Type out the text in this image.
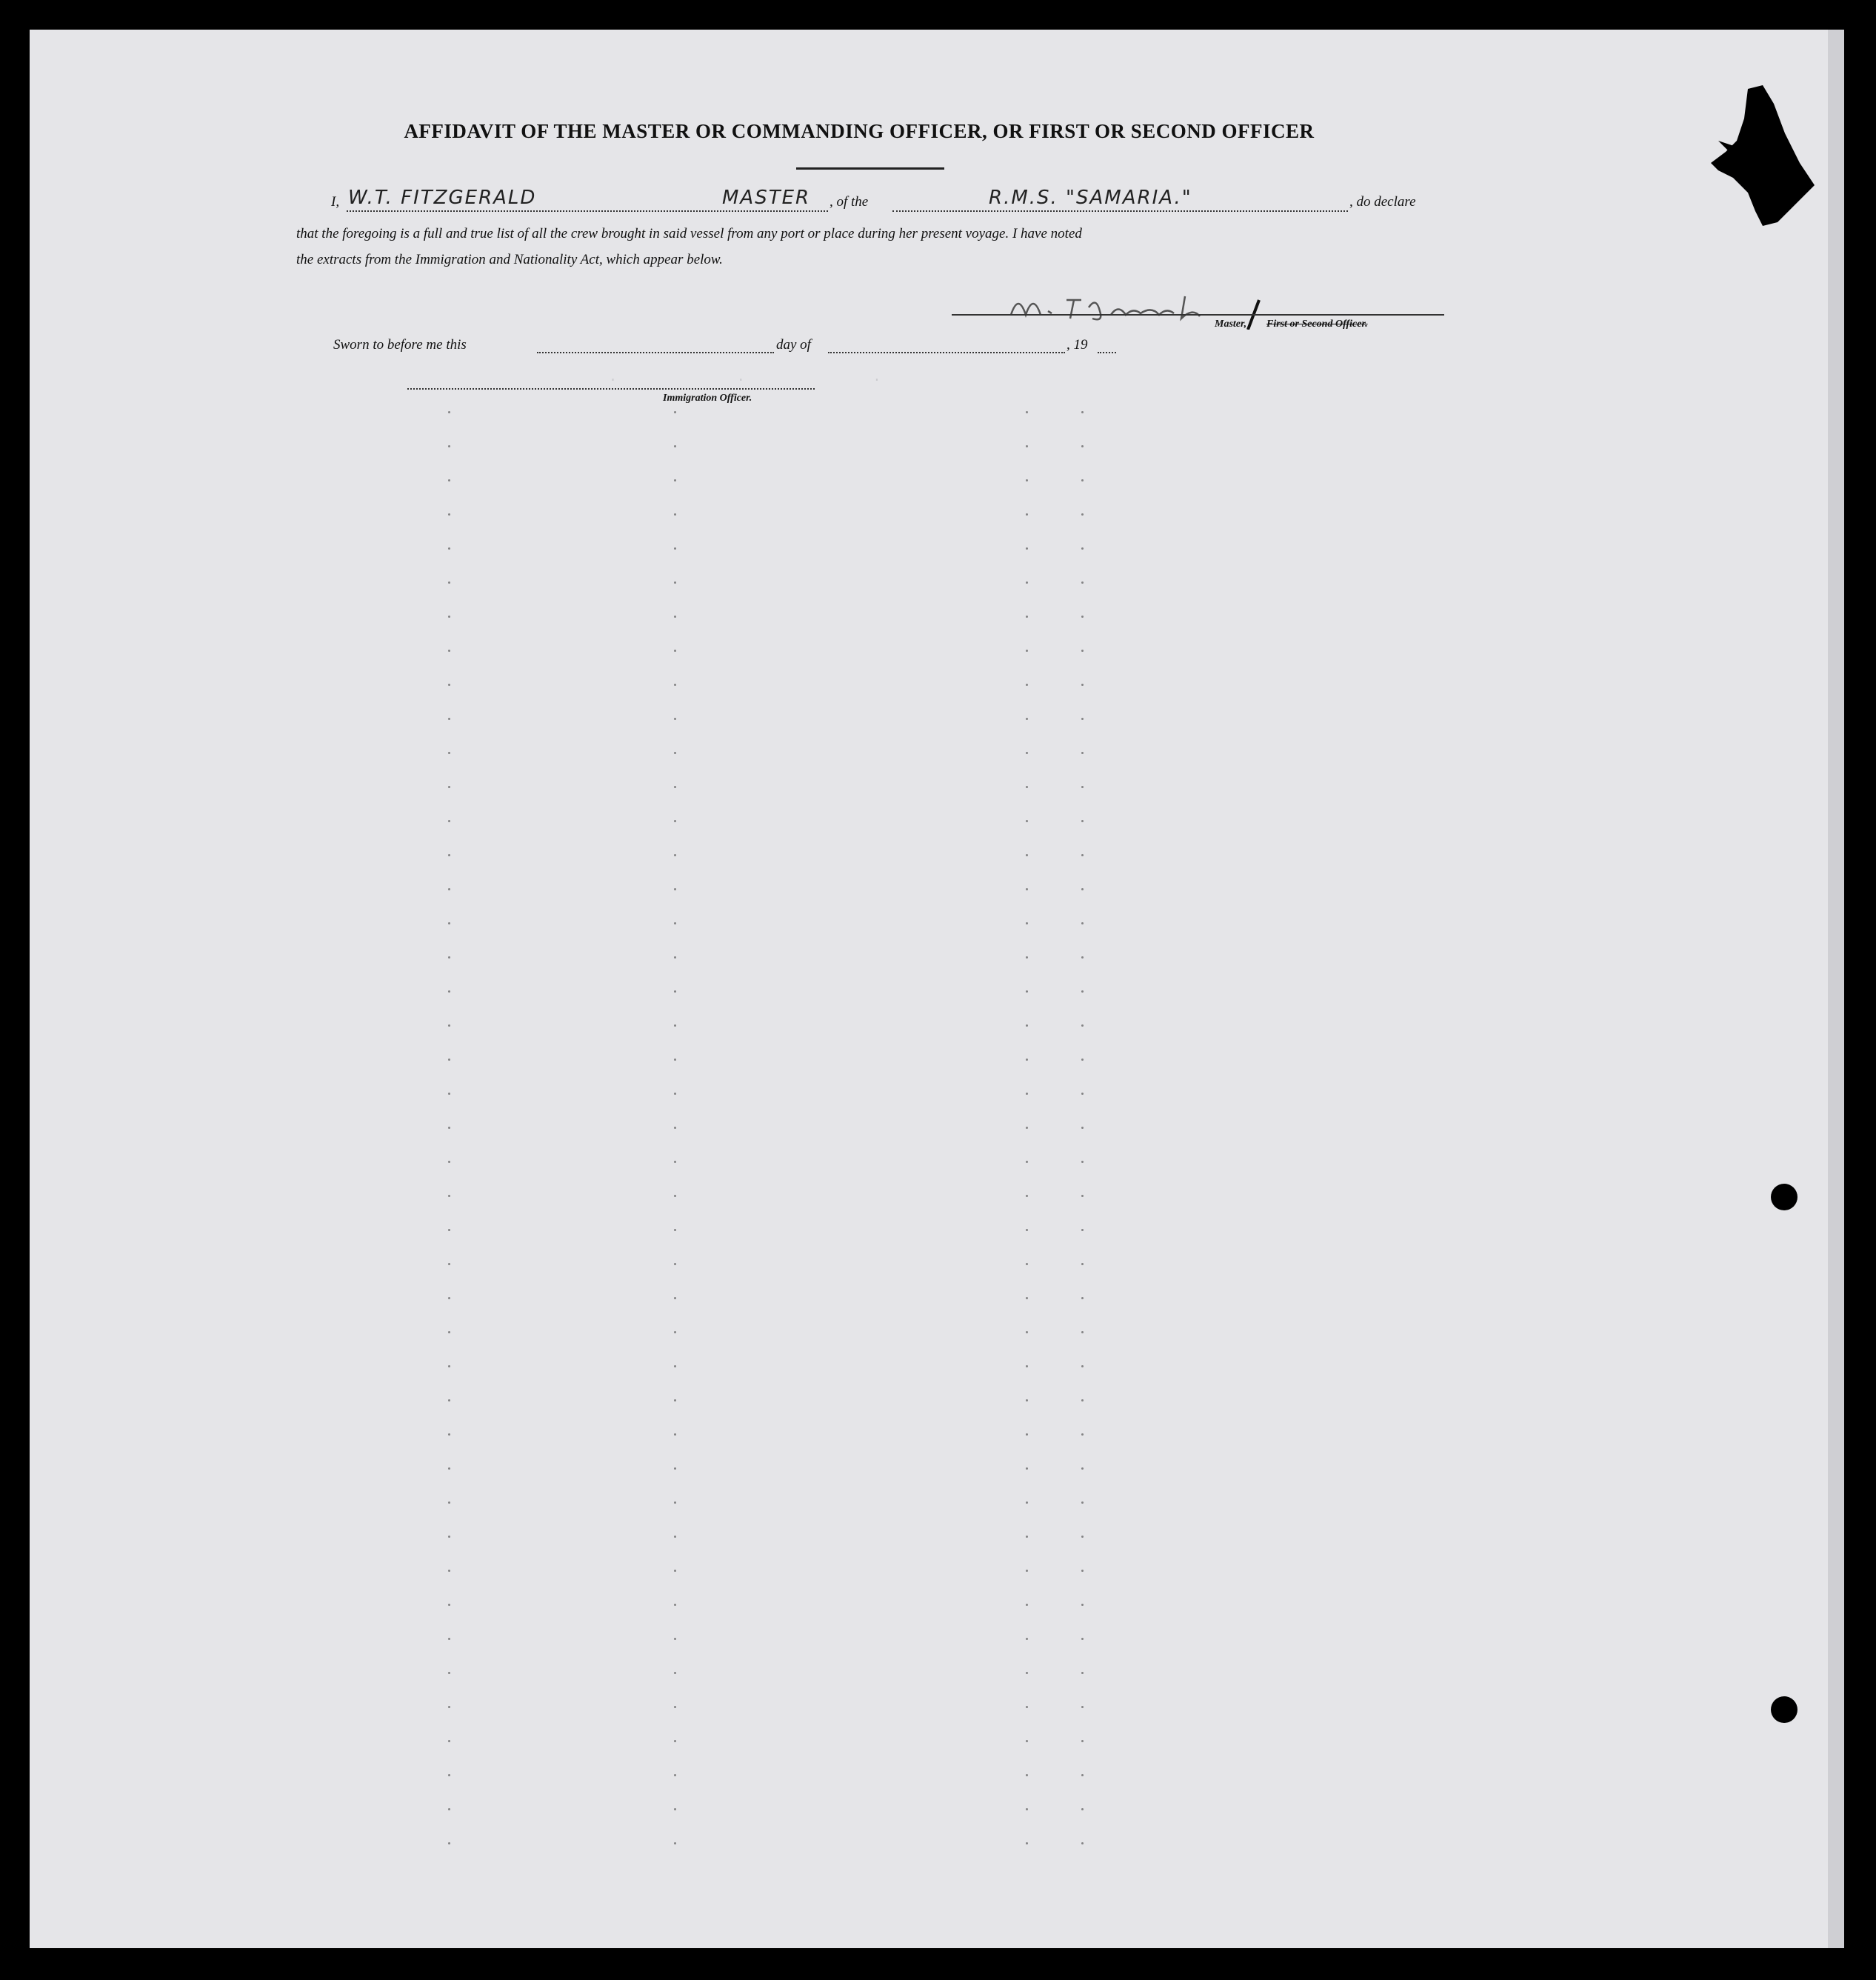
.               .                .

AFFIDAVIT OF THE MASTER OR COMMANDING OFFICER, OR FIRST OR SECOND OFFICER
I, W.T. FITZGERALD	MASTER , of the	R.M.S. "SAMARIA."	, do declare
that the foregoing is a full and true list of all the crew brought in said vessel from any port or place during her present voyage. I have noted
the extracts from the Immigration and Nationality Act, which appear below.
Master, First or Second Officer.
Sworn to before me this	day of	, 19
Immigration Officer.
